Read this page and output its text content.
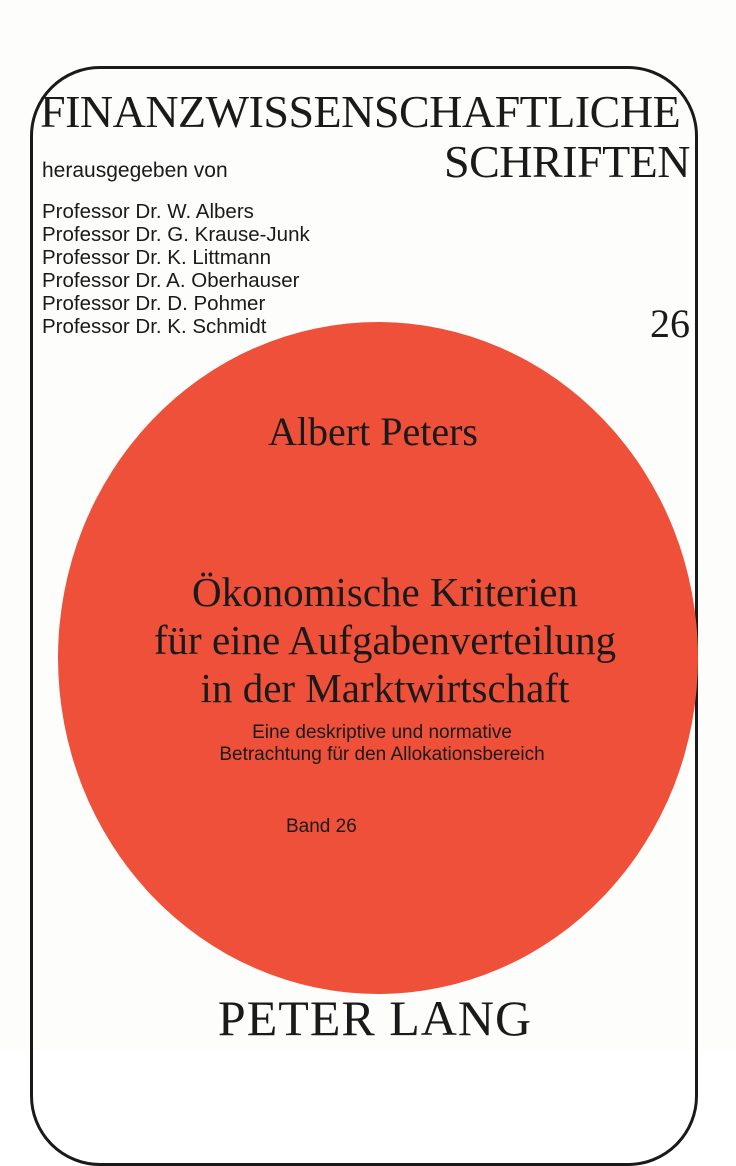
FINANZWISSENSCHAFTLICHE
SCHRIFTEN
herausgegeben von
Professor Dr. W. Albers
Professor Dr. G. Krause-Junk
Professor Dr. K. Littmann
Professor Dr. A. Oberhauser
Professor Dr. D. Pohmer
Professor Dr. K. Schmidt	26
Albert Peters
Ökonomische Kriterien
für eine Aufgabenverteilung
in der Marktwirtschaft
Eine deskriptive und normative
Betrachtung für den Allokationsbereich
Band 26
PETER LANG
